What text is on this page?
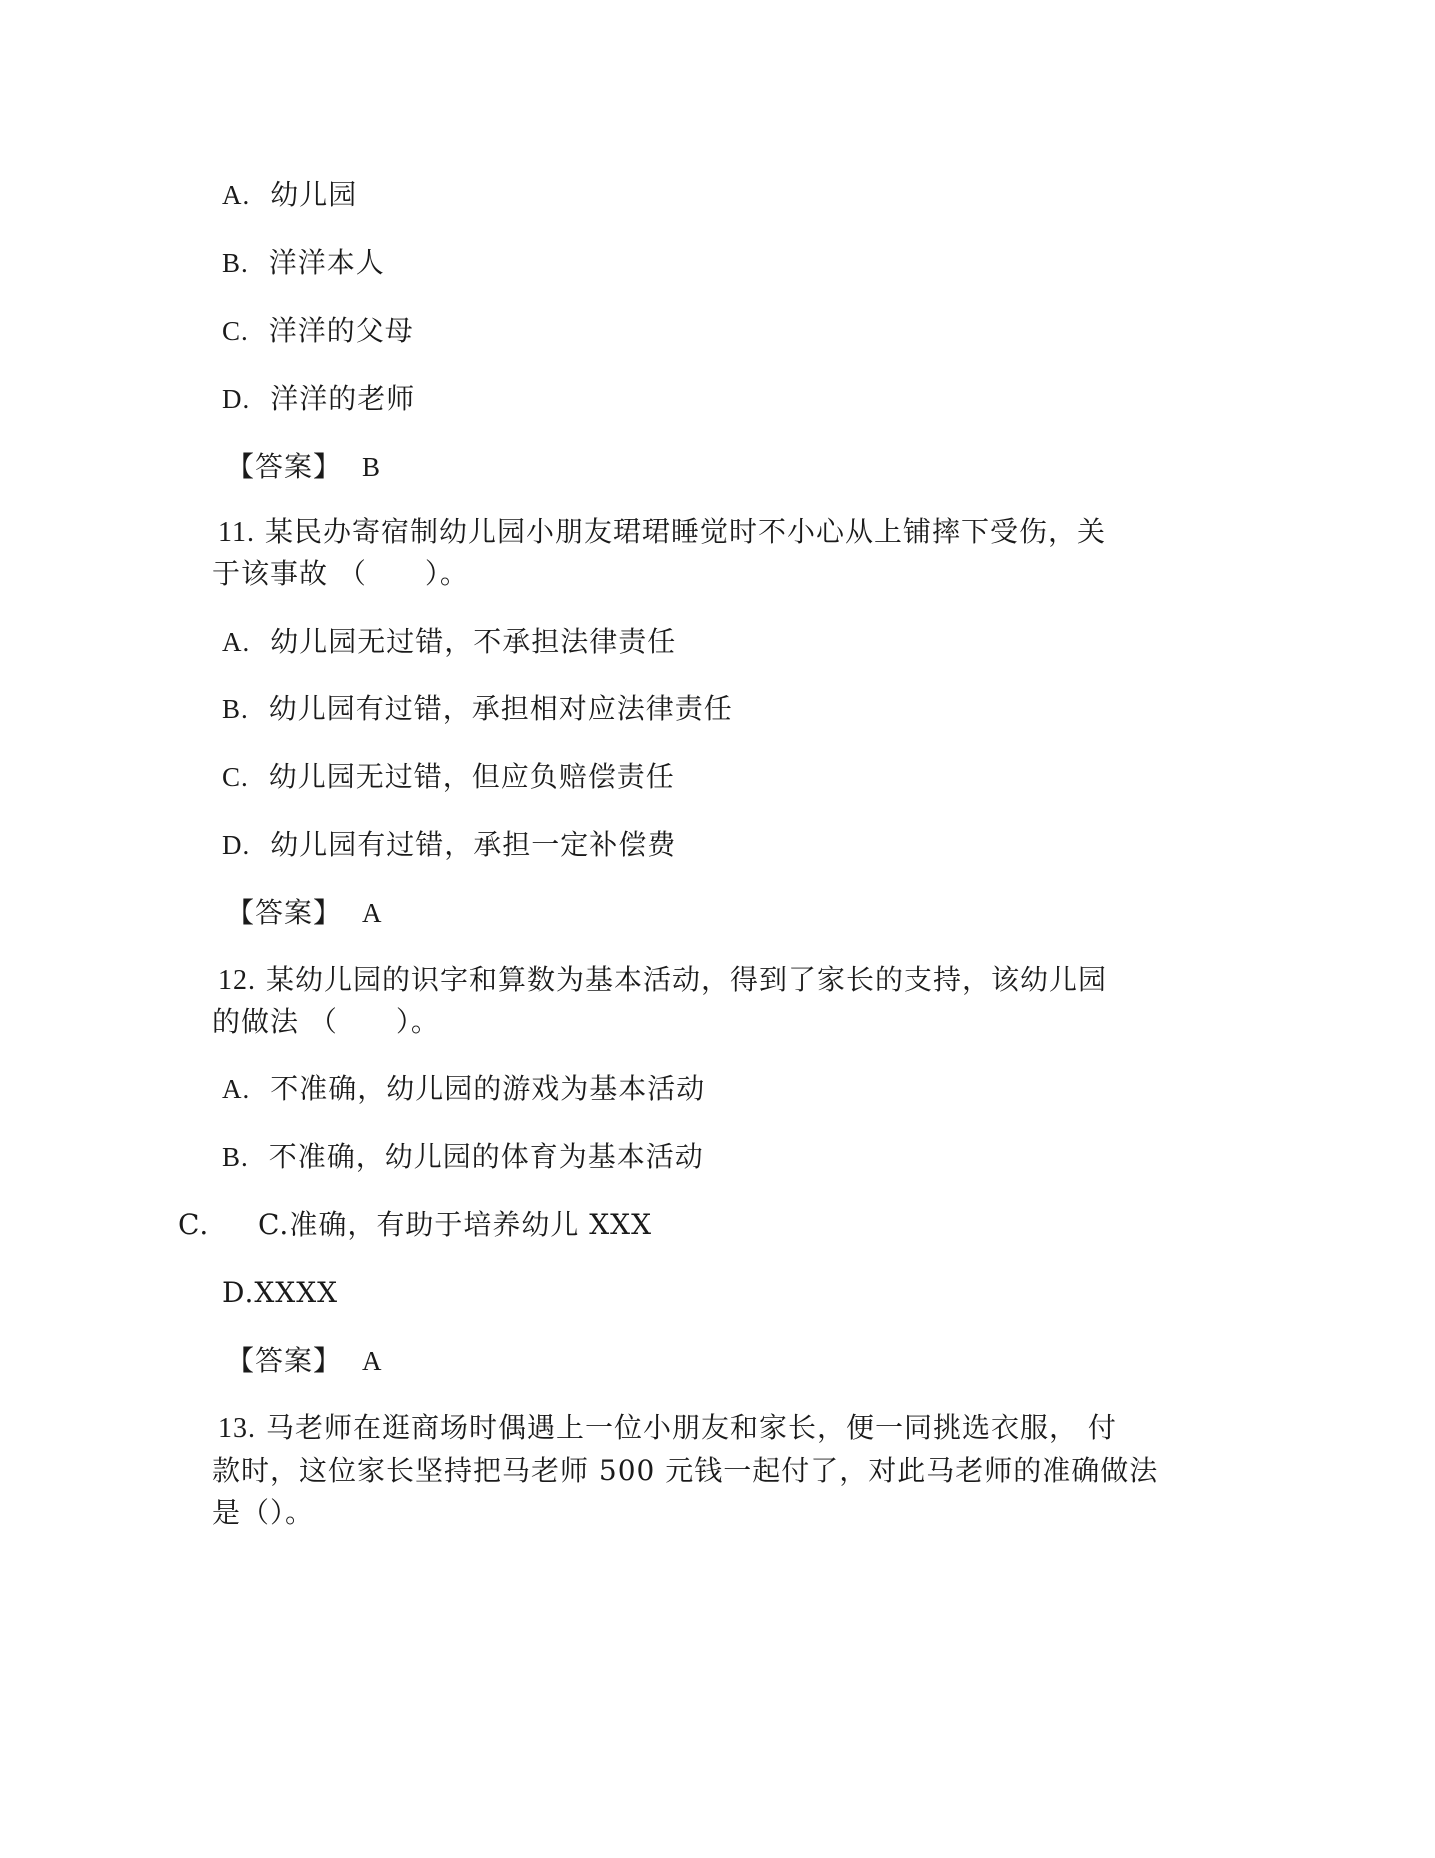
A. 幼儿园
B. 洋洋本人
C. 洋洋的父母
D. 洋洋的老师
【答案】 B
11. 某民办寄宿制幼儿园小朋友珺珺睡觉时不小心从上铺摔下受伤，关
于该事故 （　　）。
A. 幼儿园无过错，不承担法律责任
B. 幼儿园有过错，承担相对应法律责任
C. 幼儿园无过错，但应负赔偿责任
D. 幼儿园有过错，承担一定补偿费
【答案】 A
12. 某幼儿园的识字和算数为基本活动，得到了家长的支持，该幼儿园
的做法 （　　）。
A. 不准确，幼儿园的游戏为基本活动
B. 不准确，幼儿园的体育为基本活动
C. C.准确，有助于培养幼儿 XXX
D.XXXX
【答案】 A
13. 马老师在逛商场时偶遇上一位小朋友和家长，便一同挑选衣服， 付
款时，这位家长坚持把马老师 500 元钱一起付了，对此马老师的准确做法
是（）。
